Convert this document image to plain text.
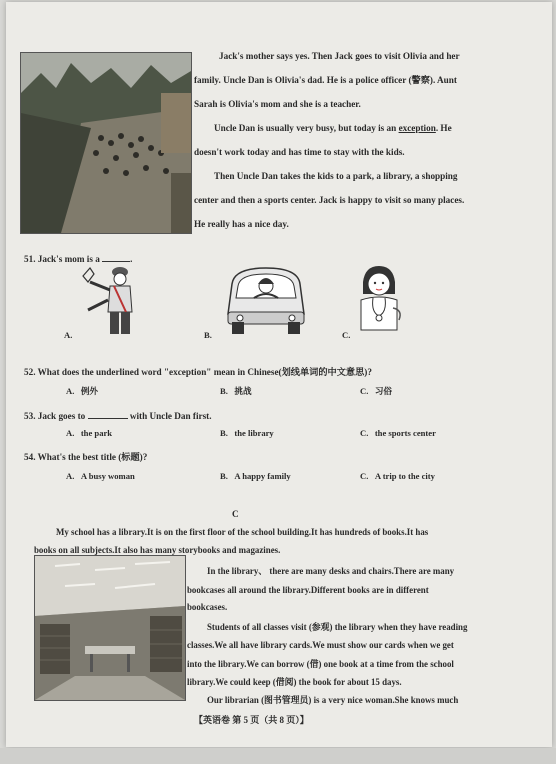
Jack's mother says yes. Then Jack goes to visit Olivia and her
family. Uncle Dan is Olivia's dad. He is a police officer (警察). Aunt
Sarah is Olivia's mom and she is a teacher.
Uncle Dan is usually very busy, but today is an exception. He
doesn't work today and has time to stay with the kids.
Then Uncle Dan takes the kids to a park, a library, a shopping
center and then a sports center. Jack is happy to visit so many places.
He really has a nice day.
51. Jack's mom is a	.
A.	B.	C.
52. What does the underlined word "exception" mean in Chinese(划线单词的中文意思)?
A. 例外	B. 挑战	C. 习俗
53. Jack goes to	with Uncle Dan first.
A. the park	B. the library	C. the sports center
54. What's the best title (标题)?
A. A busy woman	B. A happy family	C. A trip to the city
C
My school has a library.It is on the first floor of the school building.It has hundreds of books.It has
books on all subjects.It also has many storybooks and magazines.
In the library、 there are many desks and chairs.There are many
bookcases all around the library.Different books are in different
bookcases.
Students of all classes visit (参观) the library when they have reading
classes.We all have library cards.We must show our cards when we get
into the library.We can borrow (借) one book at a time from the school
library.We could keep (借阅) the book for about 15 days.
Our librarian (图书管理员) is a very nice woman.She knows much
【英语卷 第 5 页（共 8 页）】
